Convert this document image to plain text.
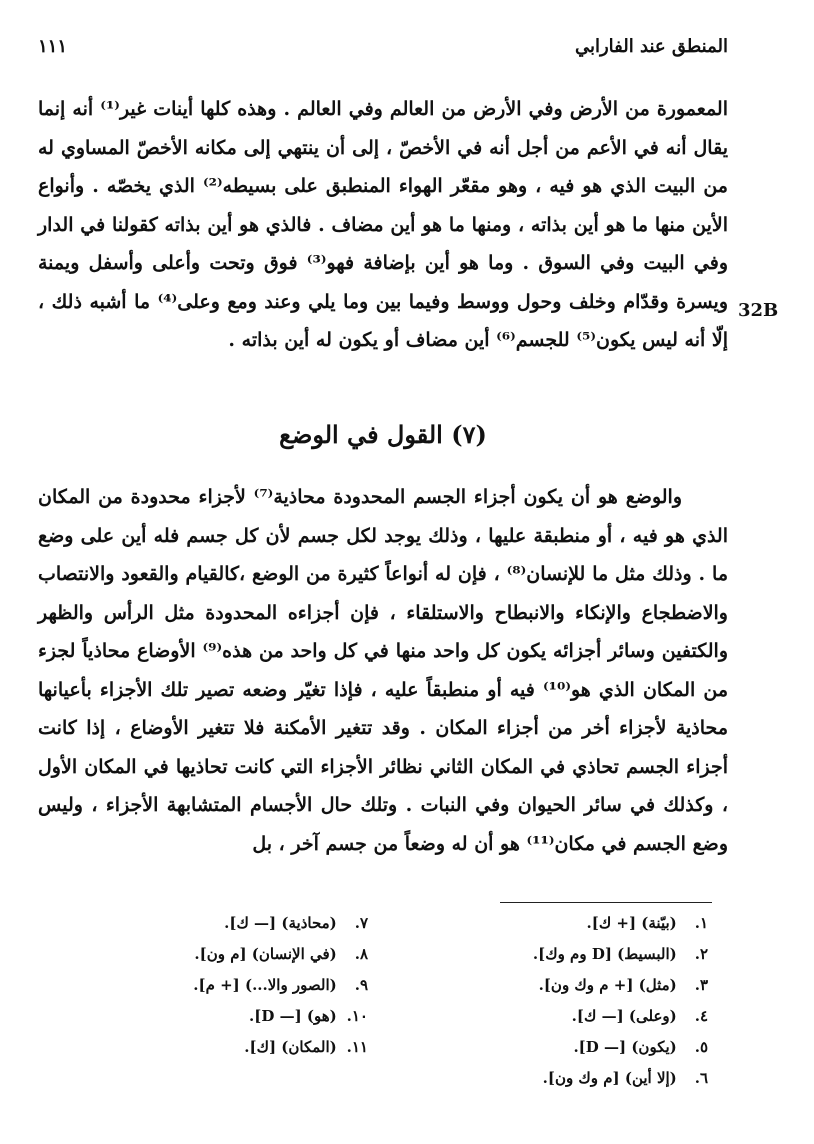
المنطق عند الفارابي
١١١
32B

المعمورة من الأرض وفي الأرض من العالم وفي العالم . وهذه كلها أينات غير⁽¹⁾ أنه إنما يقال أنه في الأعم من أجل أنه في الأخصّ ، إلى أن ينتهي إلى مكانه الأخصّ المساوي له من البيت الذي هو فيه ، وهو مقعّر الهواء المنطبق على بسيطه⁽²⁾ الذي يخصّه . وأنواع الأين منها ما هو أين بذاته ، ومنها ما هو أين مضاف . فالذي هو أين بذاته كقولنا في الدار وفي البيت وفي السوق . وما هو أين بإضافة فهو⁽³⁾ فوق وتحت وأعلى وأسفل ويمنة ويسرة وقدّام وخلف وحول ووسط وفيما بين وما يلي وعند ومع وعلى⁽⁴⁾ ما أشبه ذلك ، إلّا أنه ليس يكون⁽⁵⁾ للجسم⁽⁶⁾ أين مضاف أو يكون له أين بذاته .

(٧) القول في الوضع

والوضع هو أن يكون أجزاء الجسم المحدودة محاذية⁽⁷⁾ لأجزاء محدودة من المكان الذي هو فيه ، أو منطبقة عليها ، وذلك يوجد لكل جسم لأن كل جسم فله أين على وضع ما . وذلك مثل ما للإنسان⁽⁸⁾ ، فإن له أنواعاً كثيرة من الوضع ،كالقيام والقعود والانتصاب والاضطجاع والإنكاء والانبطاح والاستلقاء ، فإن أجزاءه المحدودة مثل الرأس والظهر والكتفين وسائر أجزائه يكون كل واحد منها في كل واحد من هذه⁽⁹⁾ الأوضاع محاذياً لجزء من المكان الذي هو⁽¹⁰⁾ فيه أو منطبقاً عليه ، فإذا تغيّر وضعه تصير تلك الأجزاء بأعيانها محاذية لأجزاء أخر من أجزاء المكان . وقد تتغير الأمكنة فلا تتغير الأوضاع ، إذا كانت أجزاء الجسم تحاذي في المكان الثاني نظائر الأجزاء التي كانت تحاذيها في المكان الأول ، وكذلك في سائر الحيوان وفي النبات . وتلك حال الأجسام المتشابهة الأجزاء ، وليس وضع الجسم في مكان⁽¹¹⁾ هو أن له وضعاً من جسم آخر ، بل

١. (بيّنة) [+ ك].
٢. (البسيط) [D وم وك].
٣. (مثل) [+ م وك ون].
٤. (وعلى) [— ك].
٥. (يكون) [— D].
٦. (إلا أين) [م وك ون].
٧. (محاذية) [— ك].
٨. (في الإنسان) [م ون].
٩. (الصور والا...) [+ م].
١٠. (هو) [— D].
١١. (المكان) [ك].
